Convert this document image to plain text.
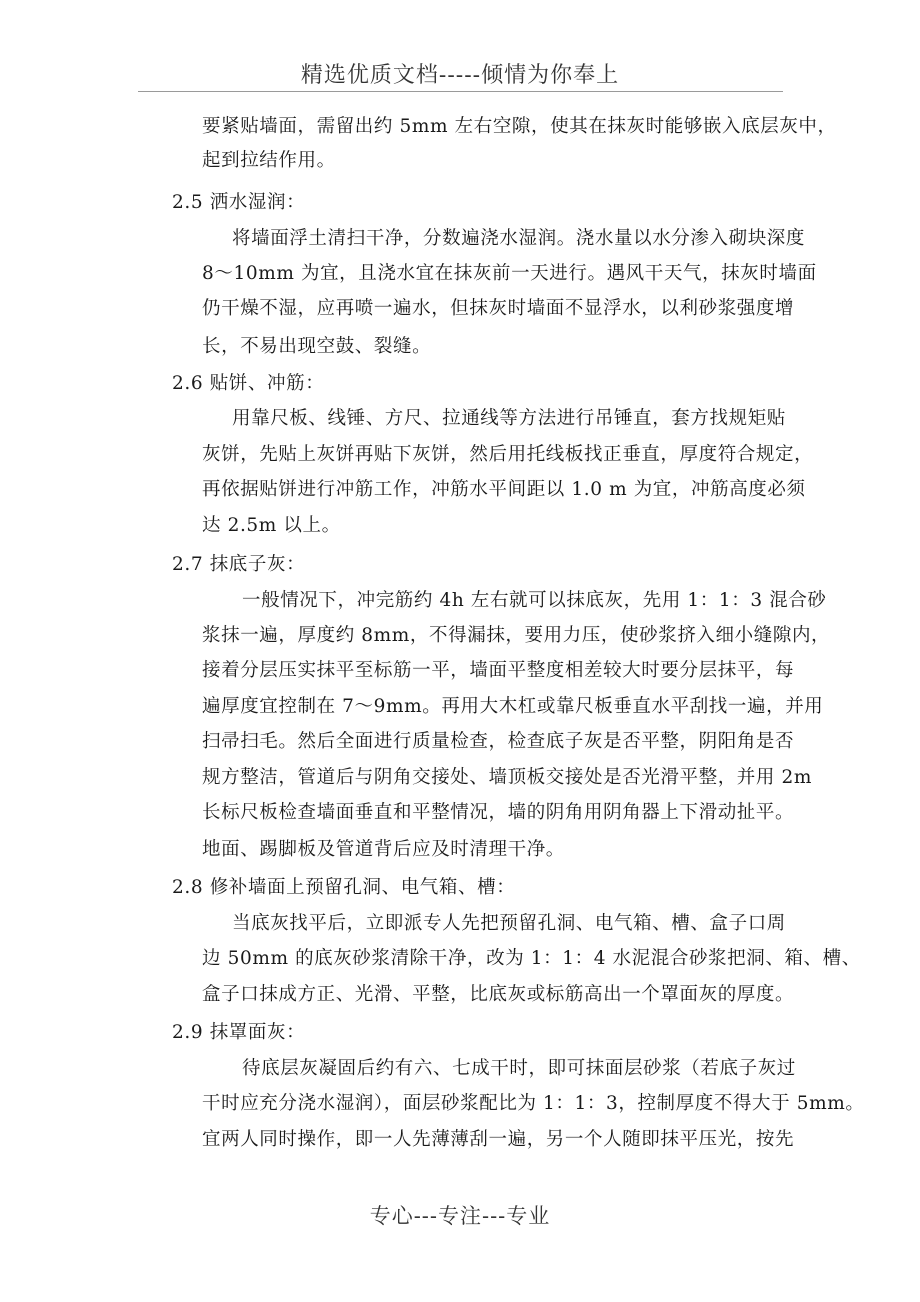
精选优质文档-----倾情为你奉上
要紧贴墙面，需留出约 5mm 左右空隙，使其在抹灰时能够嵌入底层灰中，
起到拉结作用。
2.5 洒水湿润：
将墙面浮土清扫干净，分数遍浇水湿润。浇水量以水分渗入砌块深度
8～10mm 为宜，且浇水宜在抹灰前一天进行。遇风干天气，抹灰时墙面
仍干燥不湿，应再喷一遍水，但抹灰时墙面不显浮水，以利砂浆强度增
长，不易出现空鼓、裂缝。
2.6 贴饼、冲筋：
用靠尺板、线锤、方尺、拉通线等方法进行吊锤直，套方找规矩贴
灰饼，先贴上灰饼再贴下灰饼，然后用托线板找正垂直，厚度符合规定，
再依据贴饼进行冲筋工作，冲筋水平间距以 1.0 m 为宜，冲筋高度必须
达 2.5m 以上。
2.7 抹底子灰：
一般情况下，冲完筋约 4h 左右就可以抹底灰，先用 1：1：3 混合砂
浆抹一遍，厚度约 8mm，不得漏抹，要用力压，使砂浆挤入细小缝隙内，
接着分层压实抹平至标筋一平，墙面平整度相差较大时要分层抹平，每
遍厚度宜控制在 7～9mm。再用大木杠或靠尺板垂直水平刮找一遍，并用
扫帚扫毛。然后全面进行质量检查，检查底子灰是否平整，阴阳角是否
规方整洁，管道后与阴角交接处、墙顶板交接处是否光滑平整，并用 2m
长标尺板检查墙面垂直和平整情况，墙的阴角用阴角器上下滑动扯平。
地面、踢脚板及管道背后应及时清理干净。
2.8 修补墙面上预留孔洞、电气箱、槽：
当底灰找平后，立即派专人先把预留孔洞、电气箱、槽、盒子口周
边 50mm 的底灰砂浆清除干净，改为 1：1：4 水泥混合砂浆把洞、箱、槽、
盒子口抹成方正、光滑、平整，比底灰或标筋高出一个罩面灰的厚度。
2.9 抹罩面灰：
待底层灰凝固后约有六、七成干时，即可抹面层砂浆（若底子灰过
干时应充分浇水湿润），面层砂浆配比为 1：1：3，控制厚度不得大于 5mm。
宜两人同时操作，即一人先薄薄刮一遍，另一个人随即抹平压光，按先
专心---专注---专业
